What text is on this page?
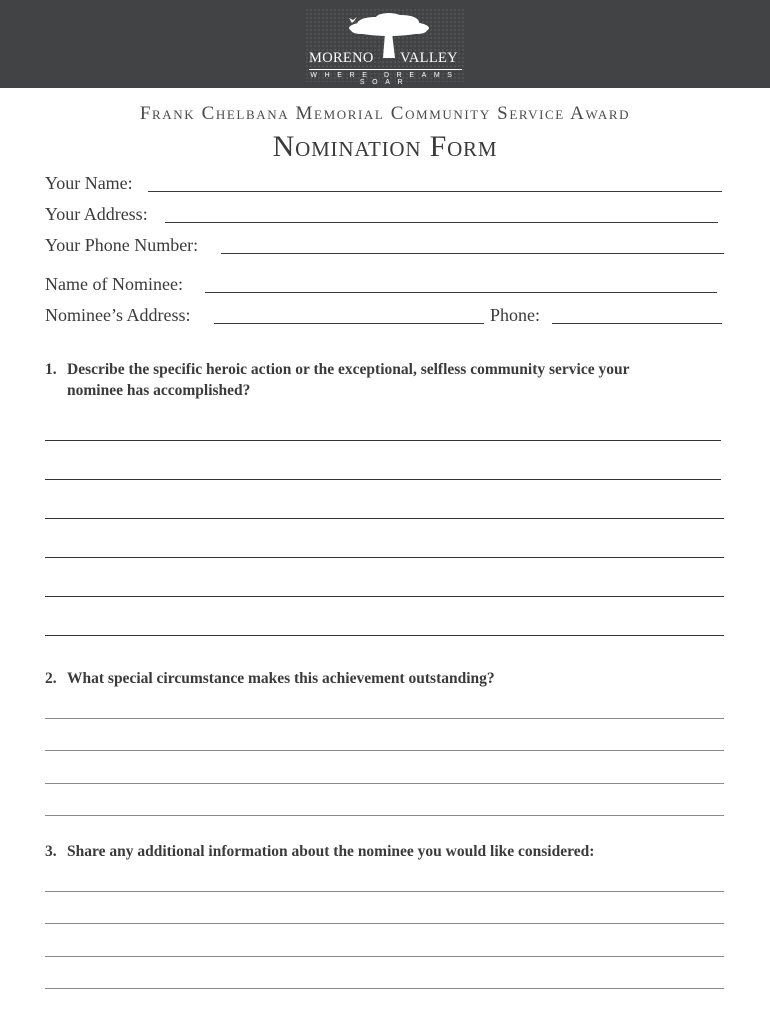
MORENO VALLEY
WHERE DREAMS SOAR
Frank Chelbana Memorial Community Service Award
Nomination Form
Your Name:
Your Address:
Your Phone Number:
Name of Nominee:
Nominee’s Address:	Phone:
1. Describe the specific heroic action or the exceptional, selfless community service your
nominee has accomplished?
2. What special circumstance makes this achievement outstanding?
3. Share any additional information about the nominee you would like considered:
